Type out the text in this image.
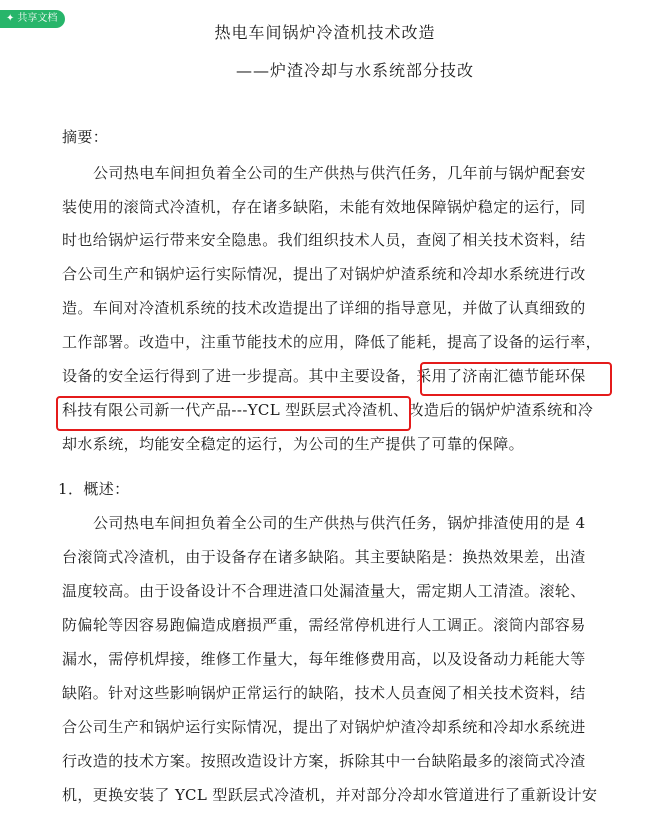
✦ 共享文档
热电车间锅炉冷渣机技术改造
——炉渣冷却与水系统部分技改
摘要：
公司热电车间担负着全公司的生产供热与供汽任务，几年前与锅炉配套安
装使用的滚筒式冷渣机，存在诸多缺陷，未能有效地保障锅炉稳定的运行，同
时也给锅炉运行带来安全隐患。我们组织技术人员，查阅了相关技术资料，结
合公司生产和锅炉运行实际情况，提出了对锅炉炉渣系统和冷却水系统进行改
造。车间对冷渣机系统的技术改造提出了详细的指导意见，并做了认真细致的
工作部署。改造中，注重节能技术的应用，降低了能耗，提高了设备的运行率，
设备的安全运行得到了进一步提高。其中主要设备，采用了济南汇德节能环保
科技有限公司新一代产品---YCL 型跃层式冷渣机、改造后的锅炉炉渣系统和冷
却水系统，均能安全稳定的运行，为公司的生产提供了可靠的保障。
1．概述：
公司热电车间担负着全公司的生产供热与供汽任务，锅炉排渣使用的是 4
台滚筒式冷渣机，由于设备存在诸多缺陷。其主要缺陷是：换热效果差，出渣
温度较高。由于设备设计不合理进渣口处漏渣量大，需定期人工清渣。滚轮、
防偏轮等因容易跑偏造成磨损严重，需经常停机进行人工调正。滚筒内部容易
漏水，需停机焊接，维修工作量大，每年维修费用高，以及设备动力耗能大等
缺陷。针对这些影响锅炉正常运行的缺陷，技术人员查阅了相关技术资料，结
合公司生产和锅炉运行实际情况，提出了对锅炉炉渣冷却系统和冷却水系统进
行改造的技术方案。按照改造设计方案，拆除其中一台缺陷最多的滚筒式冷渣
机，更换安装了 YCL 型跃层式冷渣机，并对部分冷却水管道进行了重新设计安
